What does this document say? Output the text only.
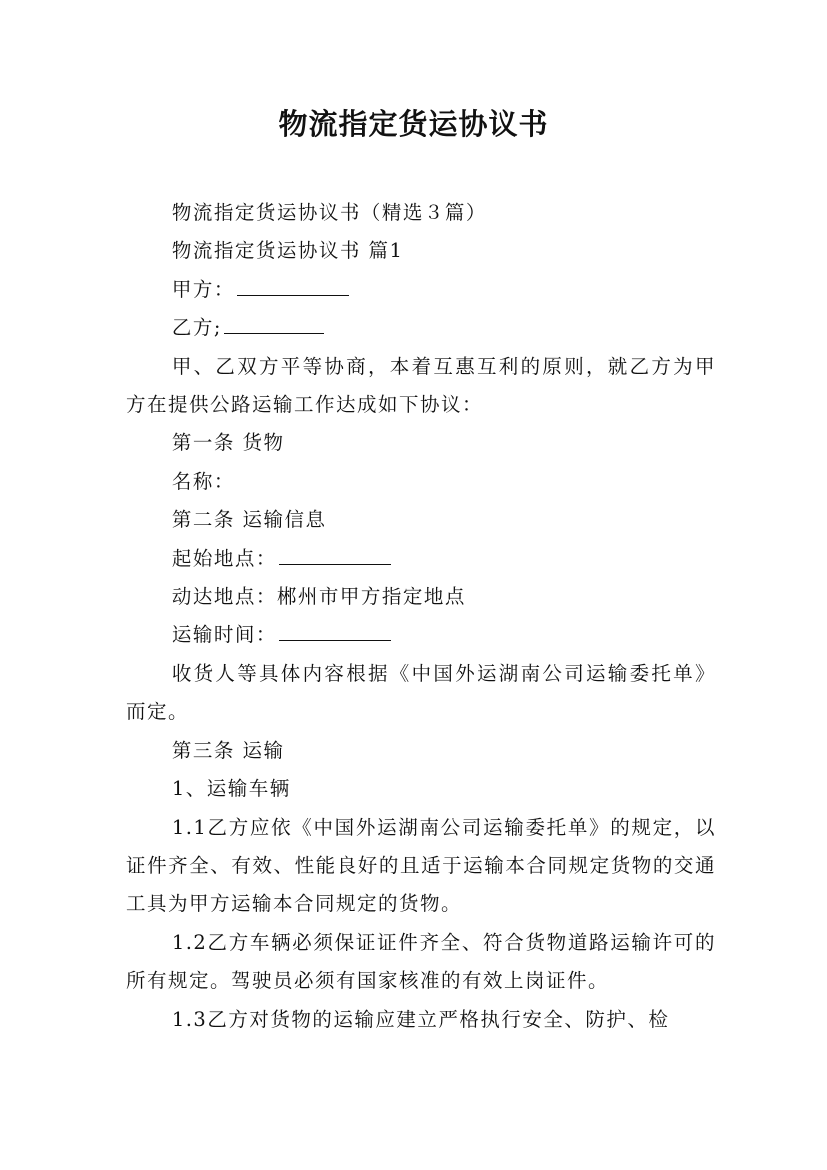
物流指定货运协议书

物流指定货运协议书（精选３篇）

物流指定货运协议书 篇1

甲方：

乙方;

甲、乙双方平等协商，本着互惠互利的原则，就乙方为甲方在提供公路运输工作达成如下协议：

第一条 货物

名称：

第二条 运输信息

起始地点：

动达地点：郴州市甲方指定地点

运输时间：

收货人等具体内容根据《中国外运湖南公司运输委托单》而定。

第三条 运输

1、运输车辆

1.1乙方应依《中国外运湖南公司运输委托单》的规定，以证件齐全、有效、性能良好的且适于运输本合同规定货物的交通工具为甲方运输本合同规定的货物。

1.2乙方车辆必须保证证件齐全、符合货物道路运输许可的所有规定。驾驶员必须有国家核准的有效上岗证件。

1.3乙方对货物的运输应建立严格执行安全、防护、检
